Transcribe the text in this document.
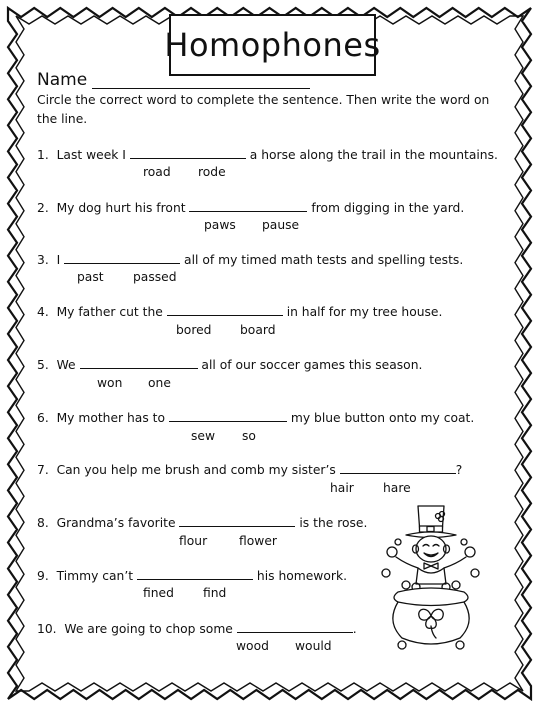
Homophones
Name
Circle the correct word to complete the sentence. Then write the word on
the line.
1. Last week I	a horse along the trail in the mountains.
road rode
2. My dog hurt his front	from digging in the yard.
paws pause
3. I	all of my timed math tests and spelling tests.
past passed
4. My father cut the	in half for my tree house.
bored board
5. We	all of our soccer games this season.
won one
6. My mother has to	my blue button onto my coat.
sew so
7. Can you help me brush and comb my sister’s	?
hair hare
8. Grandma’s favorite	is the rose.
flour	flower
9. Timmy can’t	his homework.
fined find
10. We are going to chop some	.
wood would
